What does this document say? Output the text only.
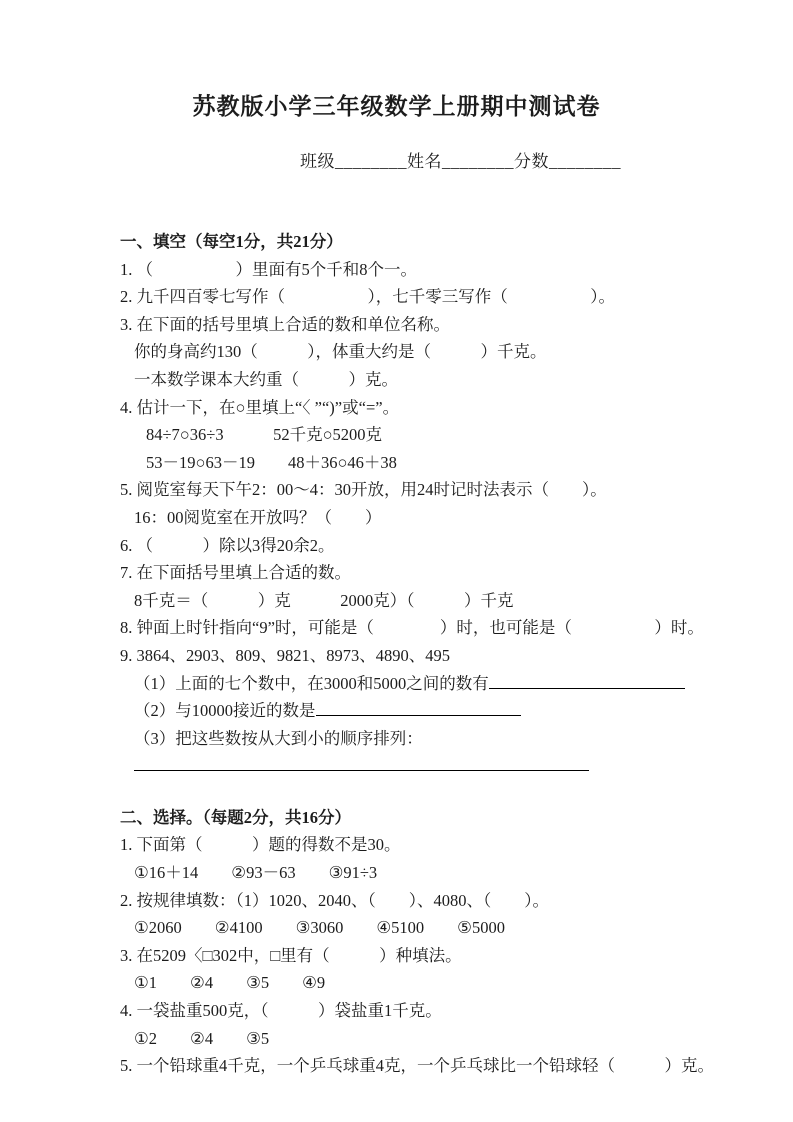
苏教版小学三年级数学上册期中测试卷
班级________姓名________分数________
一、填空（每空1分，共21分）
1. （　　　　　）里面有5个千和8个一。
2. 九千四百零七写作（　　　　　），七千零三写作（　　　　　）。
3. 在下面的括号里填上合适的数和单位名称。
你的身高约130（　　　），体重大约是（　　　）千克。
一本数学课本大约重（　　　）克。
4. 估计一下，在○里填上“〈 ”“)”或“=”。
84÷7○36÷3　　　52千克○5200克
53－19○63－19　　48＋36○46＋38
5. 阅览室每天下午2：00～4：30开放，用24时记时法表示（　　）。
16：00阅览室在开放吗？（　　）
6. （　　　）除以3得20余2。
7. 在下面括号里填上合适的数。
8千克＝（　　　）克　　　2000克）（　　　）千克
8. 钟面上时针指向“9”时，可能是（　　　　）时，也可能是（　　　　　）时。
9. 3864、2903、809、9821、8973、4890、495
（1）上面的七个数中，在3000和5000之间的数有
（2）与10000接近的数是
（3）把这些数按从大到小的顺序排列：
二、选择。（每题2分，共16分）
1. 下面第（　　　）题的得数不是30。
①16＋14　　②93－63　　③91÷3
2. 按规律填数：（1）1020、2040、（　　）、4080、（　　）。
①2060　　②4100　　③3060　　④5100　　⑤5000
3. 在5209〈□302中，□里有（　　　）种填法。
①1　　②4　　③5　　④9
4. 一袋盐重500克，（　　　）袋盐重1千克。
①2　　②4　　③5
5. 一个铅球重4千克，一个乒乓球重4克，一个乒乓球比一个铅球轻（　　　）克。
